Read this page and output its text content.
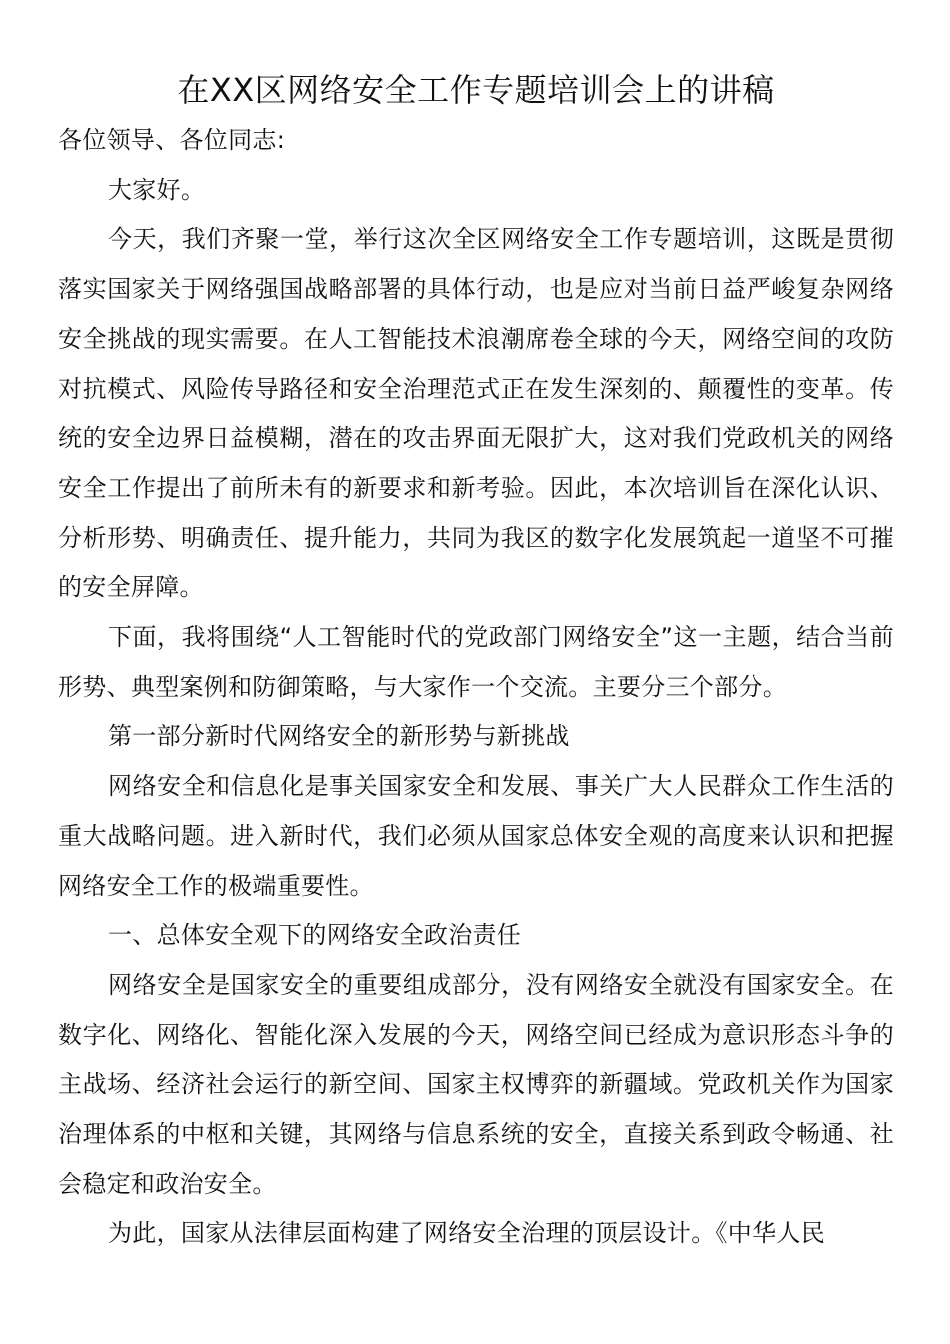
在XX区网络安全工作专题培训会上的讲稿

各位领导、各位同志:

大家好。

今天，我们齐聚一堂，举行这次全区网络安全工作专题培训，这既是贯彻落实国家关于网络强国战略部署的具体行动，也是应对当前日益严峻复杂网络安全挑战的现实需要。在人工智能技术浪潮席卷全球的今天，网络空间的攻防对抗模式、风险传导路径和安全治理范式正在发生深刻的、颠覆性的变革。传统的安全边界日益模糊，潜在的攻击界面无限扩大，这对我们党政机关的网络安全工作提出了前所未有的新要求和新考验。因此，本次培训旨在深化认识、分析形势、明确责任、提升能力，共同为我区的数字化发展筑起一道坚不可摧的安全屏障。

下面，我将围绕“人工智能时代的党政部门网络安全”这一主题，结合当前形势、典型案例和防御策略，与大家作一个交流。主要分三个部分。

第一部分新时代网络安全的新形势与新挑战

网络安全和信息化是事关国家安全和发展、事关广大人民群众工作生活的重大战略问题。进入新时代，我们必须从国家总体安全观的高度来认识和把握网络安全工作的极端重要性。

一、总体安全观下的网络安全政治责任

网络安全是国家安全的重要组成部分，没有网络安全就没有国家安全。在数字化、网络化、智能化深入发展的今天，网络空间已经成为意识形态斗争的主战场、经济社会运行的新空间、国家主权博弈的新疆域。党政机关作为国家治理体系的中枢和关键，其网络与信息系统的安全，直接关系到政令畅通、社会稳定和政治安全。

为此，国家从法律层面构建了网络安全治理的顶层设计。《中华人民
